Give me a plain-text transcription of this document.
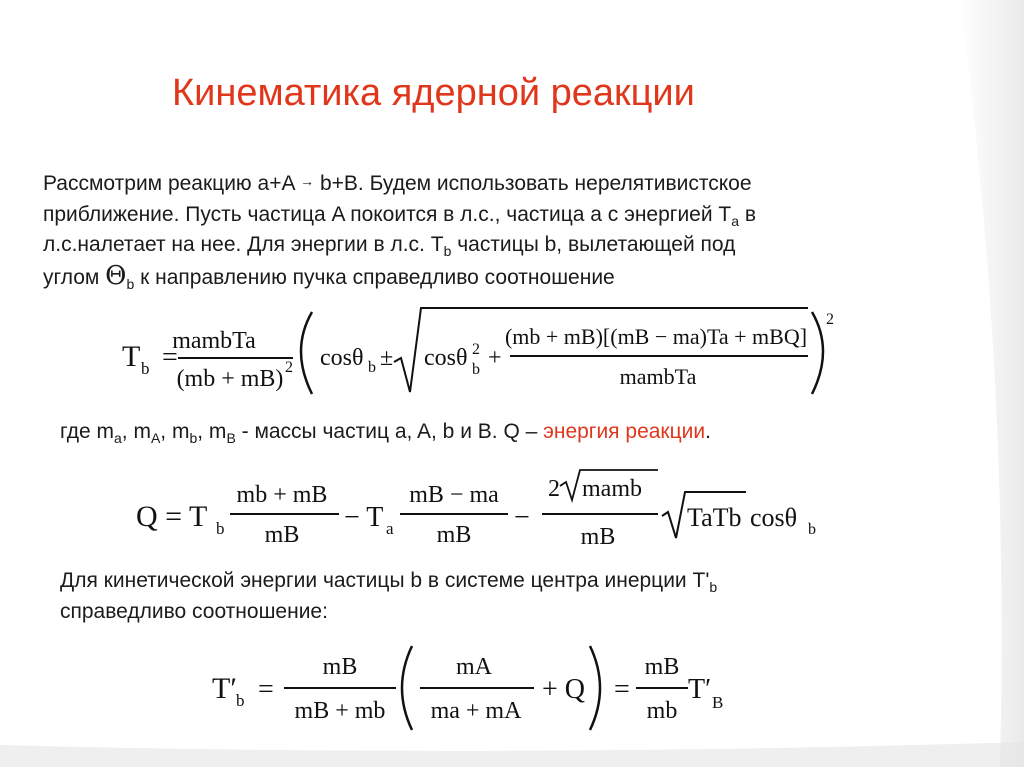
Кинематика ядерной реакции
Рассмотрим реакцию a+A → b+B. Будем использовать нерелятивистское
приближение. Пусть частица A покоится в л.с., частица a с энергией $T_a$ в
л.с.налетает на нее. Для энергии в л.с. $T_b$ частицы b, вылетающей под
углом $\Theta_b$ к направлению пучка справедливо соотношение
T b =
mambTa
(mb + mB) 2 cosθ b ± cosθ b
2 +
(mb + mB)[(mB − ma)Ta + mBQ]
mambTa
2
где $m_a$, $m_A$, $m_b$, $m_B$ - массы частиц a, A, b и B. Q – энергия реакции.
Q = T b
mb + mB
mB
− T a
mB − ma
mB
−
2 mamb
mB
TaTb cosθ b
Для кинетической энергии частицы b в системе центра инерции $T'_b$
справедливо соотношение:
T′ b =
mB
mB + mb
mA
ma + mA
+ Q =
mB
mb
T′ B
